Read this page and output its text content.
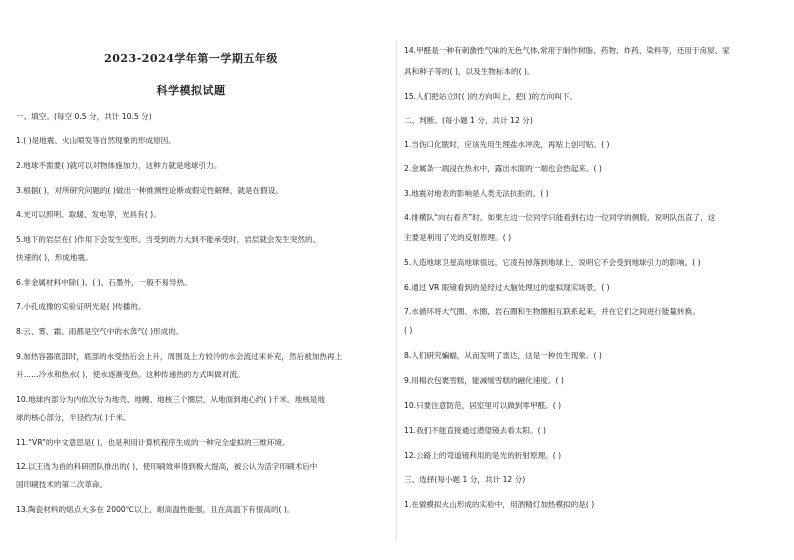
2023-2024学年第一学期五年级
科学模拟试题
一、填空。(每空 0.5 分，共计 10.5 分)
1.( )是地震、火山喷发等自然现象的形成原因。
2.地球不需要( )就可以对物体施加力，这种力就是地球引力。
3.根据( )，对所研究问题的( )做出一种推测性论断或假定性解释，就是在假设。
4.光可以照明、取暖、发电等，光具有( )。
5.地下的岩层在( )作用下会发生变形。当受到的力大到不能承受时，岩层就会发生突然的、
快速的( )，形成地震。
6.非金属材料中除( )、( )、石墨外，一般不易导热。
7.小孔成像的实验证明光是( )传播的。
8.云、雾、霜、雨都是空气中的水蒸气( )形成的。
9.加热容器底部时，底部的水受热后会上升，周围及上方较冷的水会流过来补充，然后被加热再上
升……冷水和热水( )，使水逐渐变热。这种传递热的方式叫做对流。
10.地球内部分为内依次分为地壳、地幔、地核三个圈层，从地面到地心约( )千米。地核是地
球的核心部分，半径约为( )千米。
11.“VR”的中文意思是( )，也是利用计算机程序生成的一种完全虚拟的三维环境。
12.以王选为首的科研团队推出的( )，使印刷效率得到极大提高，被公认为活字印刷术后中
国印刷技术的第二次革命。
13.陶瓷材料的熔点大多在 2000℃以上，耐高温性能强，且在高温下有很高的( )。
14.甲醛是一种有刺激性气味的无色气体,常用于制作树脂、药物、炸药、染料等，还用于房屋、家
具和种子等的( )，以及生物标本的( )。
15.人们把站立时( )的方向叫上，把( )的方向叫下。
二、判断。(每小题 1 分，共计 12 分)
1.当伤口化脓时，应该先用生理盐水冲洗，再贴上创可贴。( )
2.金属条一端浸在热水中，露出水面的一端也会热起来。( )
3.地震对地表的影响是人类无法抗拒的。( )
4.排横队“向右看齐”时，如果左边一位同学只能看到右边一位同学的侧脸，说明队伍直了，这
主要是利用了光的反射原理。( )
5.人造地球卫星高地球很远，它凌有掉落到地球上，说明它不会受到地球引力的影响。( )
6.通过 VR 眼镜看到的是经过大脑处理过的虚拟现实场景。( )
7.水循环将大气圈、水圈、岩石圈和生物圈相互联系起来，并在它们之间进行能量转换。
( )
8.人们研究蝙蝠，从而发明了雷达，这是一种仿生现象。( )
9.用棉衣包裹雪糕，能减缓雪糕的融化速度。( )
10.只要注意防范，居室里可以做到零甲醛。( )
11.我们不能直接通过潜望镜去看太阳。( )
12.公路上的弯道镜利用的是光的折射原理。( )
三、选择(每小题 1 分，共计 12 分)
1.在做模拟火山形成的实验中，用酒精灯加热模拟的是( )
